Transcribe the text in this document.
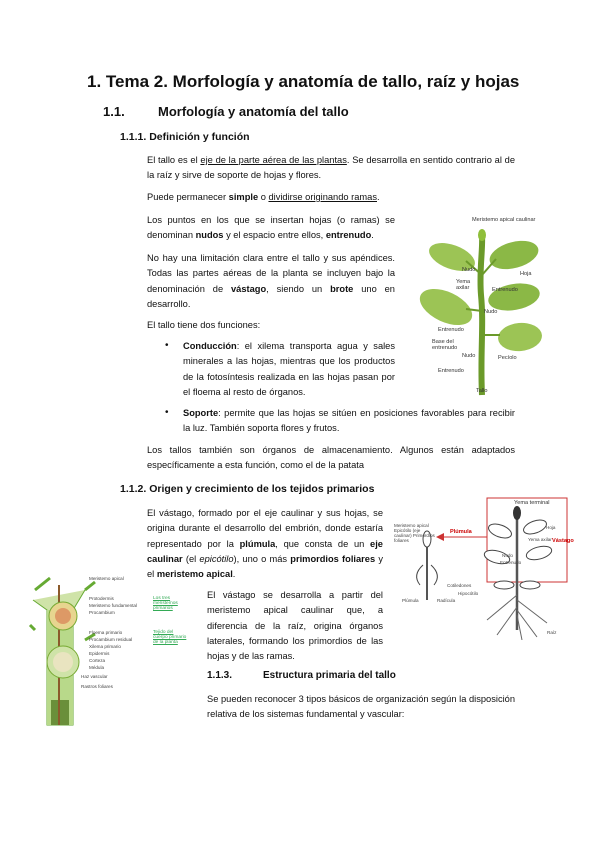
1. Tema 2. Morfología y anatomía de tallo, raíz y hojas
1.1.	Morfología y anatomía del tallo
1.1.1. Definición y función
El tallo es el eje de la parte aérea de las plantas. Se desarrolla en sentido contrario al de la raíz y sirve de soporte de hojas y flores.
Puede permanecer simple o dividirse originando ramas.
Los puntos en los que se insertan hojas (o ramas) se denominan nudos y el espacio entre ellos, entrenudo.
No hay una limitación clara entre el tallo y sus apéndices. Todas las partes aéreas de la planta se incluyen bajo la denominación de vástago, siendo un brote uno en desarrollo.
El tallo tiene dos funciones:
• Conducción: el xilema transporta agua y sales minerales a las hojas, mientras que los productos de la fotosíntesis realizada en las hojas pasan por el floema al resto de órganos.
• Soporte: permite que las hojas se sitúen en posiciones favorables para recibir la luz. También soporta flores y frutos.
Los tallos también son órganos de almacenamiento. Algunos están adaptados específicamente a esta función, como el de la patata
1.1.2. Origen y crecimiento de los tejidos primarios
El vástago, formado por el eje caulinar y sus hojas, se origina durante el desarrollo del embrión, donde estaría representado por la plúmula, que consta de un eje caulinar (el epicótilo), uno o más primordios foliares y el meristemo apical.
El vástago se desarrolla a partir del meristemo apical caulinar que, a diferencia de la raíz, origina órganos laterales, formando los primordios de las hojas y de las ramas.
1.1.3.	Estructura primaria del tallo
Se pueden reconocer 3 tipos básicos de organización según la disposición relativa de los sistemas fundamental y vascular:
Meristemo apical caulinar
Nudo
Hoja
Yema axilar	Entrenudo
Nudo
Entrenudo
Base del entrenudo
Nudo	Pecíolo
Entrenudo
Tallo
Yema terminal
Meristemo apical Epicótilo (eje caulinar) Primordios foliares
Plúmula
Vástago
Hoja
Yema axilar
Nudo
Entrenudo
Cotiledones
Hipocótilo
Plúmula	Radícula
Raíz
Meristemo apical
Protodermis
Meristemo fundamental
Procambium
Los tres meristemos primarios
Floema primario
Procambium residual
Xilema primario
Epidermis
Corteza
Médula
Tejido del cuerpo primario de la planta
Haz vascular
Rastros foliares
